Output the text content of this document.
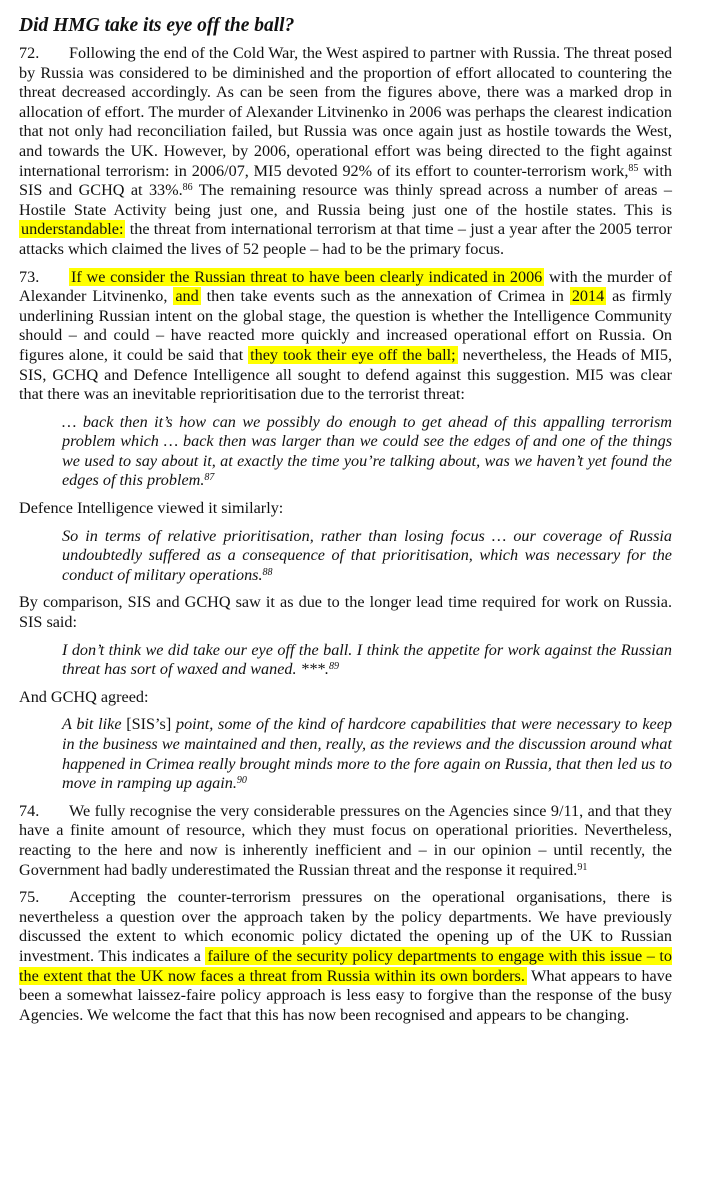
Did HMG take its eye off the ball?

72. Following the end of the Cold War, the West aspired to partner with Russia. The threat posed by Russia was considered to be diminished and the proportion of effort allocated to countering the threat decreased accordingly. As can be seen from the figures above, there was a marked drop in allocation of effort. The murder of Alexander Litvinenko in 2006 was perhaps the clearest indication that not only had reconciliation failed, but Russia was once again just as hostile towards the West, and towards the UK. However, by 2006, operational effort was being directed to the fight against international terrorism: in 2006/07, MI5 devoted 92% of its effort to counter-terrorism work,$^{85}$ with SIS and GCHQ at 33%.$^{86}$ The remaining resource was thinly spread across a number of areas – Hostile State Activity being just one, and Russia being just one of the hostile states. This is understandable: the threat from international terrorism at that time – just a year after the 2005 terror attacks which claimed the lives of 52 people – had to be the primary focus.

73. If we consider the Russian threat to have been clearly indicated in 2006 with the murder of Alexander Litvinenko, and then take events such as the annexation of Crimea in 2014 as firmly underlining Russian intent on the global stage, the question is whether the Intelligence Community should – and could – have reacted more quickly and increased operational effort on Russia. On figures alone, it could be said that they took their eye off the ball; nevertheless, the Heads of MI5, SIS, GCHQ and Defence Intelligence all sought to defend against this suggestion. MI5 was clear that there was an inevitable reprioritisation due to the terrorist threat:

… back then it’s how can we possibly do enough to get ahead of this appalling terrorism problem which … back then was larger than we could see the edges of and one of the things we used to say about it, at exactly the time you’re talking about, was we haven’t yet found the edges of this problem.$^{87}$

Defence Intelligence viewed it similarly:

So in terms of relative prioritisation, rather than losing focus … our coverage of Russia undoubtedly suffered as a consequence of that prioritisation, which was necessary for the conduct of military operations.$^{88}$

By comparison, SIS and GCHQ saw it as due to the longer lead time required for work on Russia. SIS said:

I don’t think we did take our eye off the ball. I think the appetite for work against the Russian threat has sort of waxed and waned. ***.$^{89}$

And GCHQ agreed:

A bit like [SIS’s] point, some of the kind of hardcore capabilities that were necessary to keep in the business we maintained and then, really, as the reviews and the discussion around what happened in Crimea really brought minds more to the fore again on Russia, that then led us to move in ramping up again.$^{90}$

74. We fully recognise the very considerable pressures on the Agencies since 9/11, and that they have a finite amount of resource, which they must focus on operational priorities. Nevertheless, reacting to the here and now is inherently inefficient and – in our opinion – until recently, the Government had badly underestimated the Russian threat and the response it required.$^{91}$

75. Accepting the counter-terrorism pressures on the operational organisations, there is nevertheless a question over the approach taken by the policy departments. We have previously discussed the extent to which economic policy dictated the opening up of the UK to Russian investment. This indicates a failure of the security policy departments to engage with this issue – to the extent that the UK now faces a threat from Russia within its own borders. What appears to have been a somewhat laissez-faire policy approach is less easy to forgive than the response of the busy Agencies. We welcome the fact that this has now been recognised and appears to be changing.
